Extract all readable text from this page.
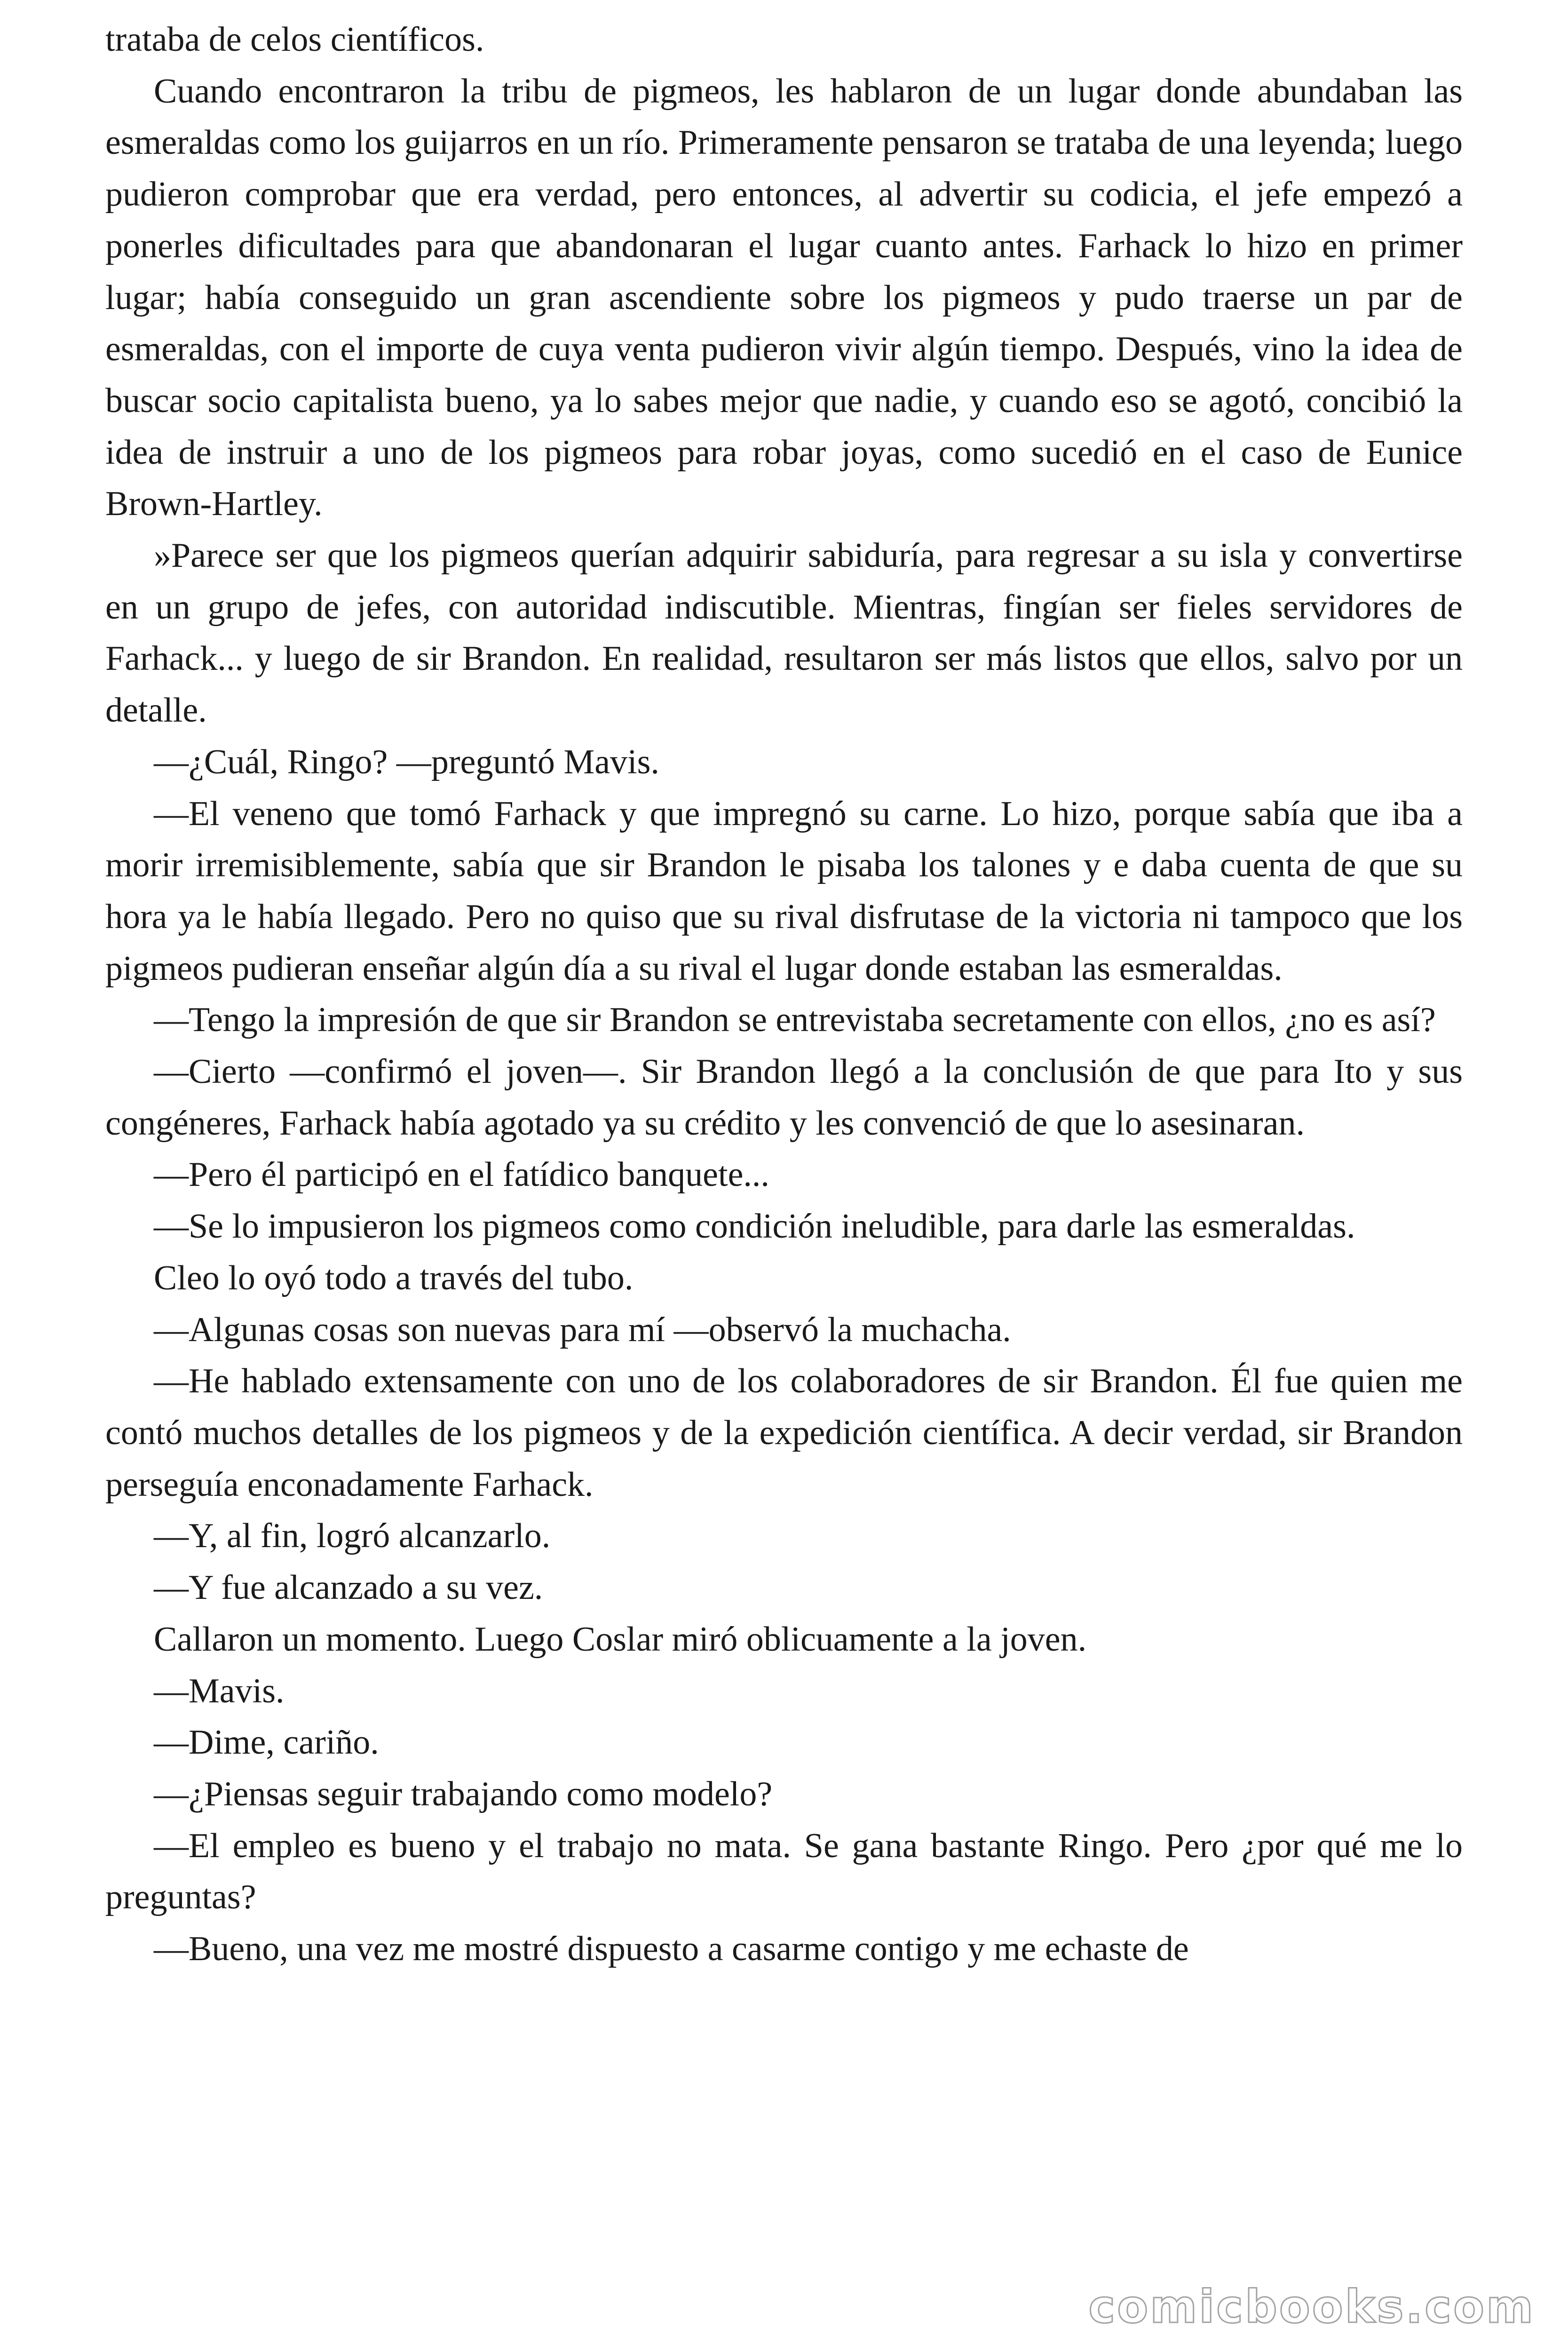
trataba de celos científicos.

Cuando encontraron la tribu de pigmeos, les hablaron de un lugar donde abundaban las esmeraldas como los guijarros en un río. Primeramente pensaron se trataba de una leyenda; luego pudieron comprobar que era verdad, pero entonces, al advertir su codicia, el jefe empezó a ponerles dificultades para que abandonaran el lugar cuanto antes. Farhack lo hizo en primer lugar; había conseguido un gran ascendiente sobre los pigmeos y pudo traerse un par de esmeraldas, con el importe de cuya venta pudieron vivir algún tiempo. Después, vino la idea de buscar socio capitalista bueno, ya lo sabes mejor que nadie, y cuando eso se agotó, concibió la idea de instruir a uno de los pigmeos para robar joyas, como sucedió en el caso de Eunice Brown-Hartley.

»Parece ser que los pigmeos querían adquirir sabiduría, para regresar a su isla y convertirse en un grupo de jefes, con autoridad indiscutible. Mientras, fingían ser fieles servidores de Farhack... y luego de sir Brandon. En realidad, resultaron ser más listos que ellos, salvo por un detalle.

—¿Cuál, Ringo? —preguntó Mavis.

—El veneno que tomó Farhack y que impregnó su carne. Lo hizo, porque sabía que iba a morir irremisiblemente, sabía que sir Brandon le pisaba los talones y e daba cuenta de que su hora ya le había llegado. Pero no quiso que su rival disfrutase de la victoria ni tampoco que los pigmeos pudieran enseñar algún día a su rival el lugar donde estaban las esmeraldas.

—Tengo la impresión de que sir Brandon se entrevistaba secretamente con ellos, ¿no es así?

—Cierto —confirmó el joven—. Sir Brandon llegó a la conclusión de que para Ito y sus congéneres, Farhack había agotado ya su crédito y les convenció de que lo asesinaran.

—Pero él participó en el fatídico banquete...

—Se lo impusieron los pigmeos como condición ineludible, para darle las esmeraldas.

Cleo lo oyó todo a través del tubo.

—Algunas cosas son nuevas para mí —observó la muchacha.

—He hablado extensamente con uno de los colaboradores de sir Brandon. Él fue quien me contó muchos detalles de los pigmeos y de la expedición científica. A decir verdad, sir Brandon perseguía enconadamente Farhack.

—Y, al fin, logró alcanzarlo.

—Y fue alcanzado a su vez.

Callaron un momento. Luego Coslar miró oblicuamente a la joven.

—Mavis.

—Dime, cariño.

—¿Piensas seguir trabajando como modelo?

—El empleo es bueno y el trabajo no mata. Se gana bastante Ringo. Pero ¿por qué me lo preguntas?

—Bueno, una vez me mostré dispuesto a casarme contigo y me echaste de

comicbooks.com
